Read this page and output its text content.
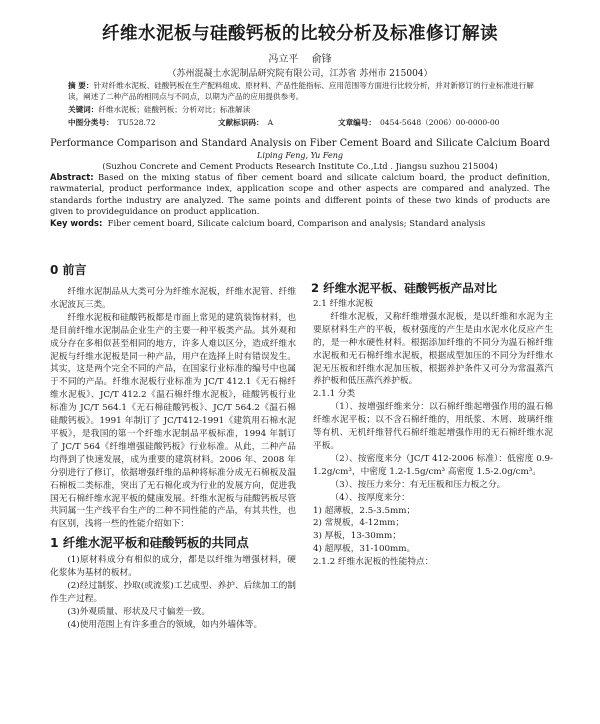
纤维水泥板与硅酸钙板的比较分析及标准修订解读
冯立平 俞锋
（苏州混凝土水泥制品研究院有限公司，江苏省 苏州市 215004）
摘 要：针对纤维水泥板、硅酸钙板在生产配料组成、原材料、产品性能指标、应用范围等方面进行比较分析，并对新修订的行业标准进行解读，阐述了二种产品的相同点与不同点，以期为产品的应用提供参考。
关键词：纤维水泥板；硅酸钙板；分析对比；标准解读
中图分类号： TU528.72	文献标识码： A	文章编号： 0454-5648（2006）00-0000-00
Performance Comparison and Standard Analysis on Fiber Cement Board and Silicate Calcium Board
Liping Feng, Yu Feng
(Suzhou Concrete and Cement Products Research Institute Co.,Ltd . Jiangsu suzhou 215004)
Abstract: Based on the mixing status of fiber cement board and silicate calcium board, the product definition, rawmaterial, product performance index, application scope and other aspects are compared and analyzed. The standards forthe industry are analyzed. The same points and different points of these two kinds of products are given to provideguidance on product application.
Key words:  Fiber cement board, Silicate calcium board, Comparison and analysis; Standard analysis
0 前言

纤维水泥制品从大类可分为纤维水泥板，纤维水泥管、纤维水泥波瓦三类。

纤维水泥板和硅酸钙板都是市面上常见的建筑装饰材料，也是目前纤维水泥制品企业生产的主要一种平板类产品。其外观和成分存在多相似甚至相同的地方，许多人难以区分，造成纤维水泥板与纤维水泥板是同一种产品，用户在选择上时有错误发生。其实，这是两个完全不同的产品，在国家行业标准的编号中也属于不同的产品。纤维水泥板行业标准为 JC/T 412.1《无石棉纤维水泥板》、JC/T 412.2《温石棉纤维水泥板》，硅酸钙板行业标准为 JC/T 564.1《无石棉硅酸钙板》、JC/T 564.2《温石棉硅酸钙板》。1991 年制订了 JC/T412-1991《建筑用石棉水泥平板》，是我国的第一个纤维水泥制品平板标准，1994 年制订了 JC/T 564《纤维增强硅酸钙板》行业标准。从此，二种产品均得到了快速发展，成为重要的建筑材料。2006 年、2008 年分别进行了修订，依据增强纤维的品种将标准分成无石棉板及温石棉板二类标准，突出了无石棉化或为行业的发展方向，促进我国无石棉纤维水泥平板的健康发展。纤维水泥板与硅酸钙板尽管共同属一生产线平台生产的二种不同性能的产品，有其共性，也有区别，浅将一些的性能介绍如下：

1 纤维水泥平板和硅酸钙板的共同点

(1)原材料成分有相似的成分，都是以纤维为增强材料，硬化浆体为基材的板材。

(2)经过制浆、抄取(或流浆)工艺成型、养护、后续加工的制作生产过程。

(3)外观质量、形状及尺寸偏差一致。

(4)使用范围上有许多重合的领域，如内外墙体等。

2 纤维水泥平板、硅酸钙板产品对比

2.1 纤维水泥板

纤维水泥板，又称纤维增强水泥板，是以纤维和水泥为主要原材料生产的平板，板材强度的产生是由水泥水化反应产生的，是一种水硬性材料。根据添加纤维的不同分为温石棉纤维水泥板和无石棉纤维水泥板，根据成型加压的不同分为纤维水泥无压板和纤维水泥加压板，根据养护条件又可分为常温蒸汽养护板和低压蒸汽养护板。

2.1.1 分类

（1）、按增强纤维来分：以石棉纤维起增强作用的温石棉纤维水泥平板；以不含石棉纤维的，用纸浆、木屑、玻璃纤维等有机、无机纤维替代石棉纤维起增强作用的无石棉纤维水泥平板。

（2）、按密度来分（JC/T 412-2006 标准）：低密度 0.9-1.2g/cm³，中密度 1.2-1.5g/cm³ 高密度 1.5-2.0g/cm³。

（3）、按压力来分：有无压板和压力板之分。

（4）、按厚度来分：

1) 超薄板，2.5-3.5mm；

2) 常规板，4-12mm；

3) 厚板，13-30mm；

4) 超厚板，31-100mm。

2.1.2 纤维水泥板的性能特点：
